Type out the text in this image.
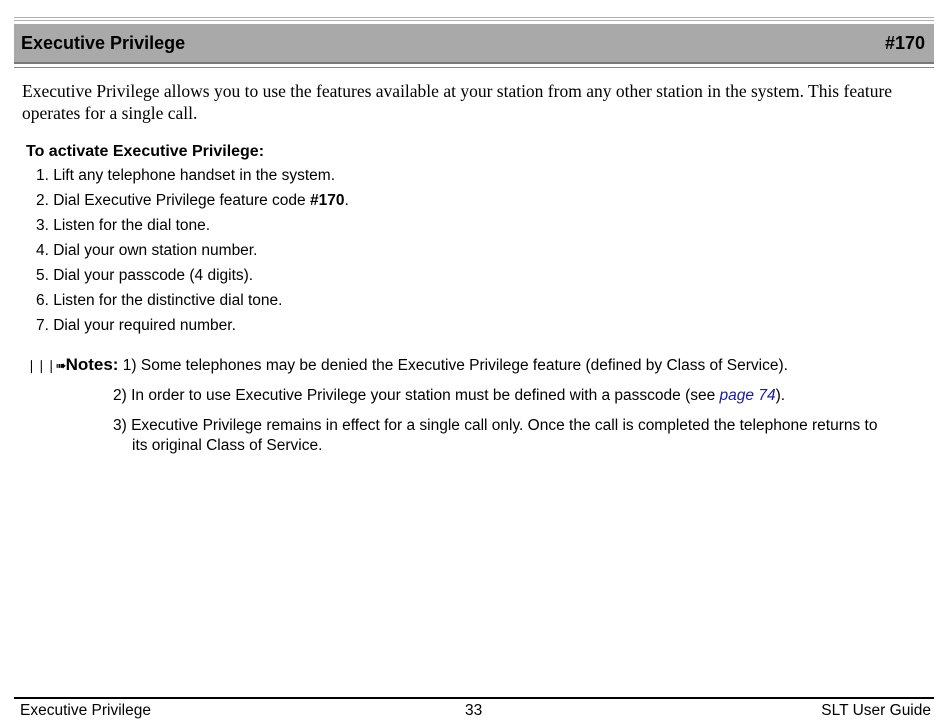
Executive Privilege	#170
Executive Privilege allows you to use the features available at your station from any other station in the system. This feature operates for a single call.
To activate Executive Privilege:
1. Lift any telephone handset in the system.
2. Dial Executive Privilege feature code #170.
3. Listen for the dial tone.
4. Dial your own station number.
5. Dial your passcode (4 digits).
6. Listen for the distinctive dial tone.
7. Dial your required number.
❘❘❘➠Notes: 1) Some telephones may be denied the Executive Privilege feature (defined by Class of Service).
2) In order to use Executive Privilege your station must be defined with a passcode (see page 74).
3) Executive Privilege remains in effect for a single call only. Once the call is completed the telephone returns to
its original Class of Service.
Executive Privilege	33	SLT User Guide
